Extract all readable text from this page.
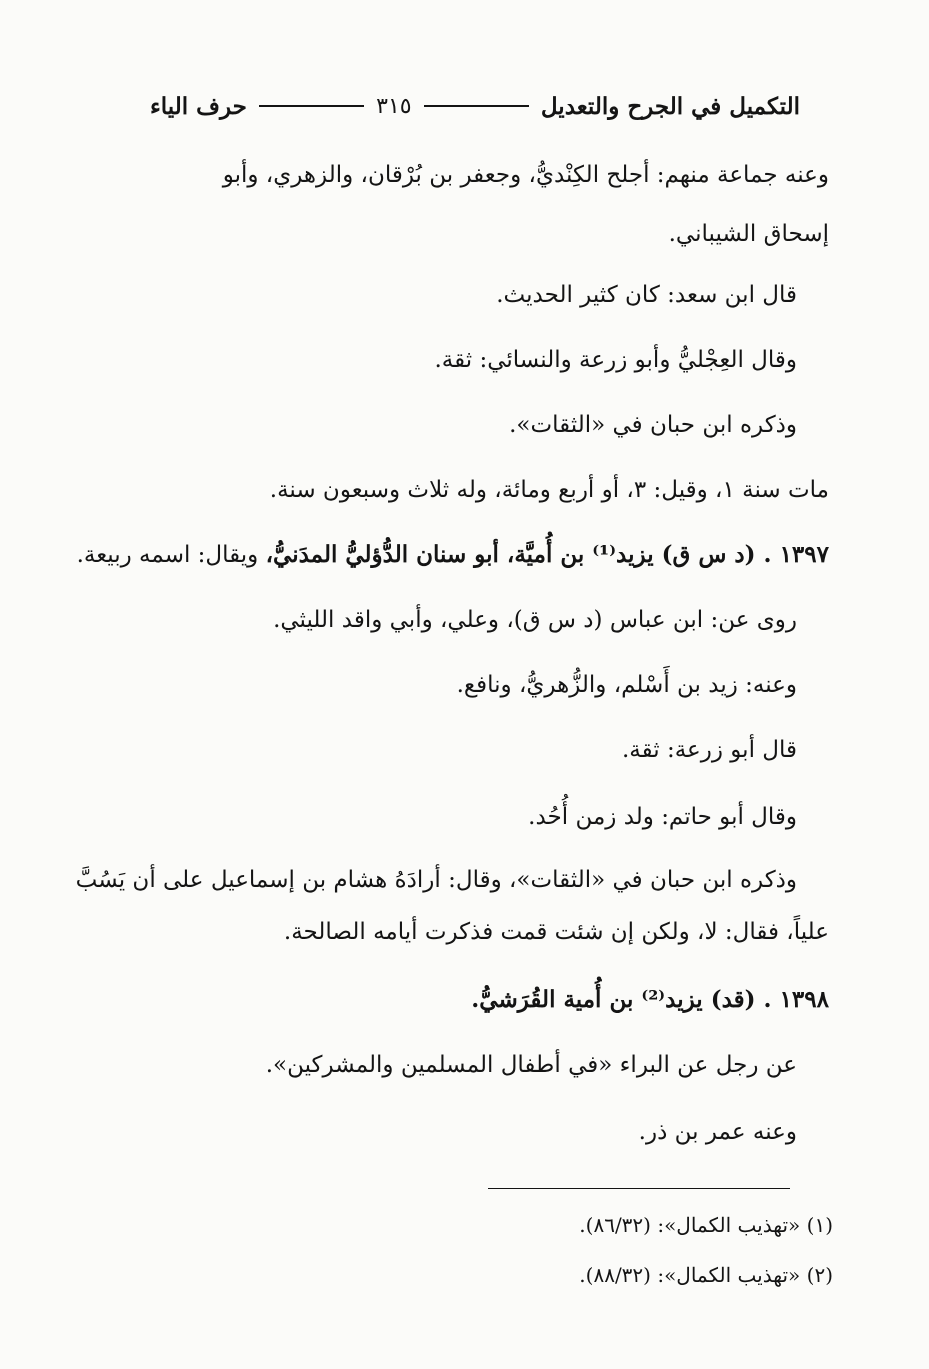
التكميل في الجرح والتعديل
٣١٥
حرف الياء
وعنه جماعة منهم: أجلح الكِنْديُّ، وجعفر بن بُرْقان، والزهري، وأبو
إسحاق الشيباني.
قال ابن سعد: كان كثير الحديث.
وقال العِجْليُّ وأبو زرعة والنسائي: ثقة.
وذكره ابن حبان في «الثقات».
مات سنة ١، وقيل: ٣، أو أربع ومائة، وله ثلاث وسبعون سنة.
١٣٩٧ . (د س ق) يزيد⁽¹⁾ بن أُميَّة، أبو سنان الدُّؤليُّ المدَنيُّ، ويقال: اسمه ربيعة.
روى عن: ابن عباس (د س ق)، وعلي، وأبي واقد الليثي.
وعنه: زيد بن أَسْلم، والزُّهريُّ، ونافع.
قال أبو زرعة: ثقة.
وقال أبو حاتم: ولد زمن أُحُد.
وذكره ابن حبان في «الثقات»، وقال: أرادَهُ هشام بن إسماعيل على أن يَسُبَّ
علياً، فقال: لا، ولكن إن شئت قمت فذكرت أيامه الصالحة.
١٣٩٨ . (قد) يزيد⁽²⁾ بن أُمية القُرَشيُّ.
عن رجل عن البراء «في أطفال المسلمين والمشركين».
وعنه عمر بن ذر.
(١) «تهذيب الكمال»: (٨٦/٣٢).
(٢) «تهذيب الكمال»: (٨٨/٣٢).
